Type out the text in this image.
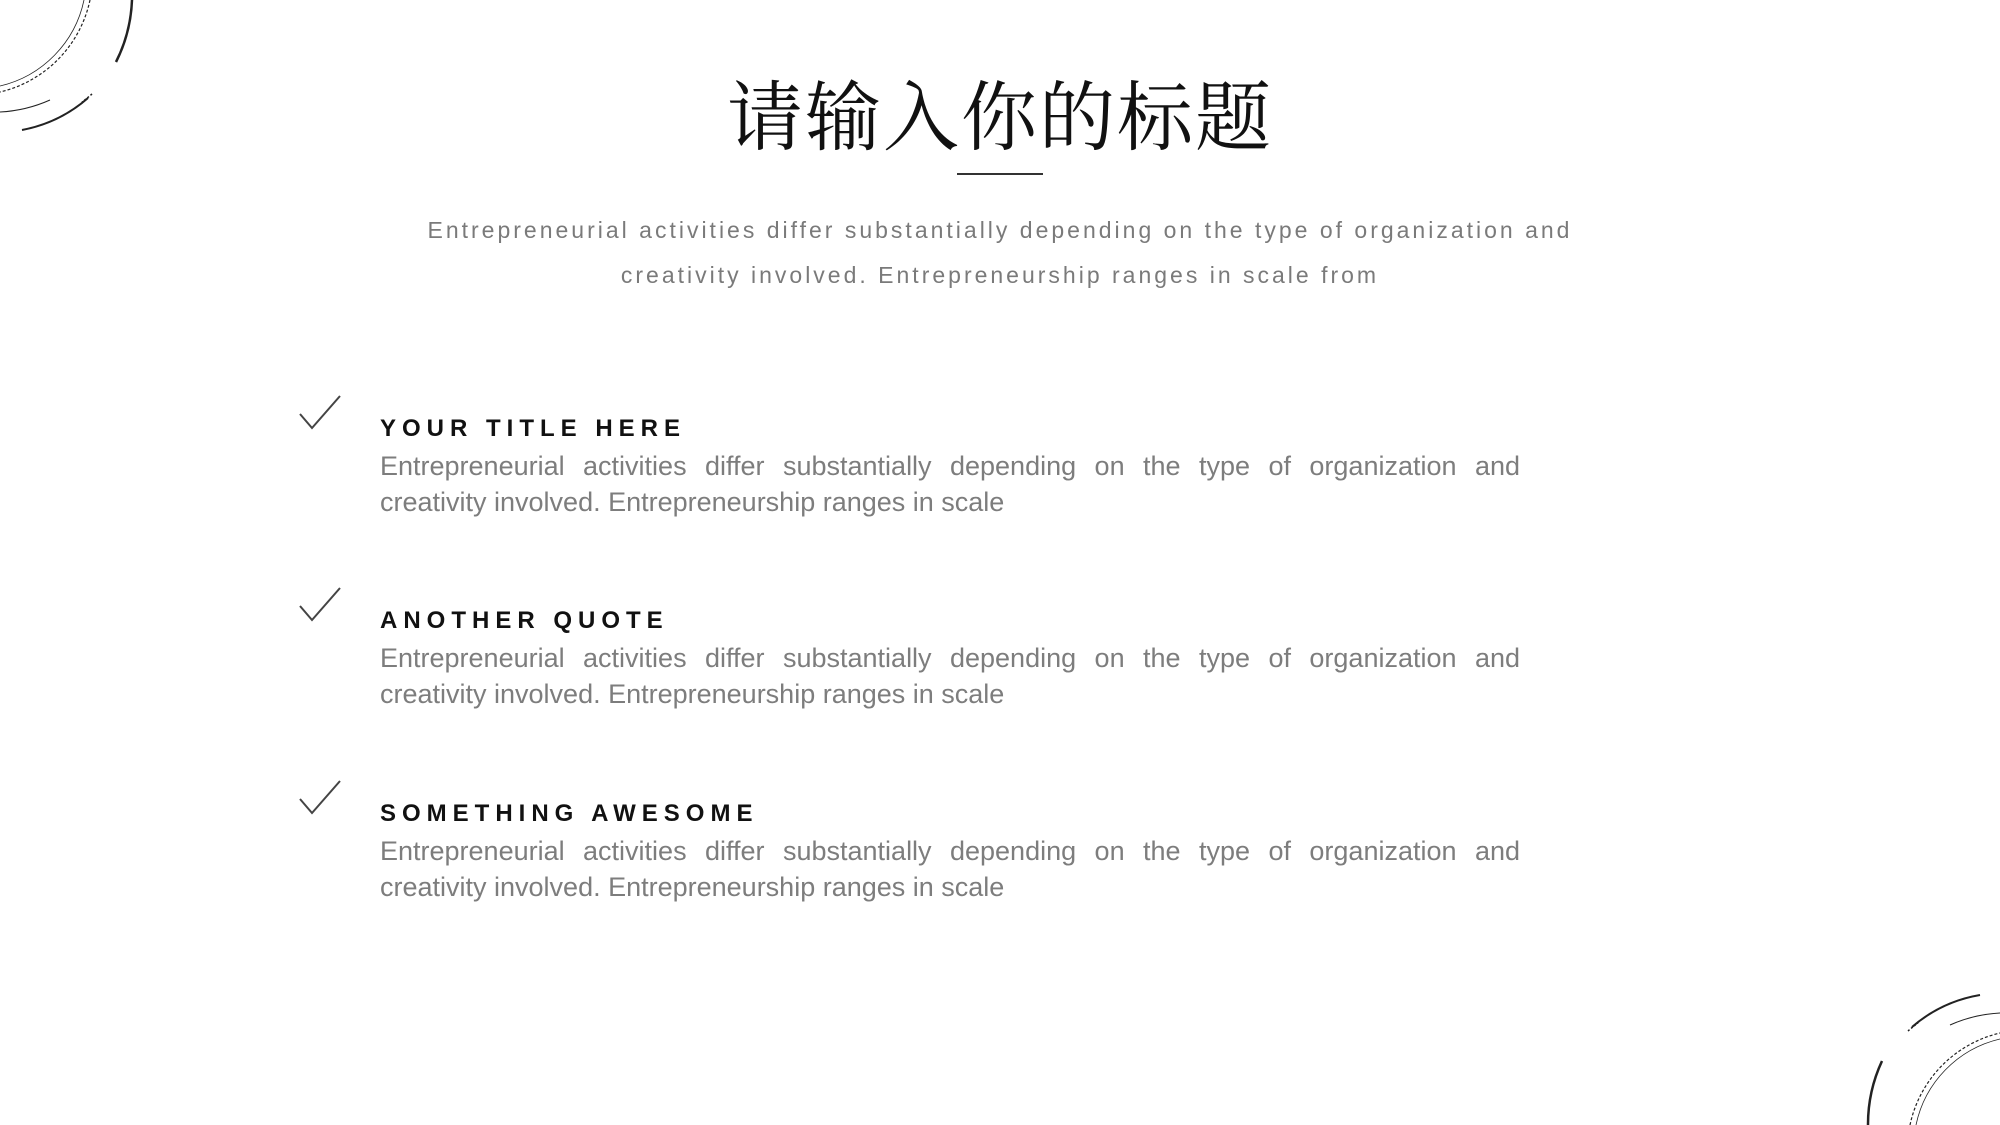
请输入你的标题
Entrepreneurial activities differ substantially depending on the type of organization and creativity involved. Entrepreneurship ranges in scale from
YOUR TITLE HERE
Entrepreneurial activities differ substantially depending on the type of organization and creativity involved. Entrepreneurship ranges in scale
ANOTHER QUOTE
Entrepreneurial activities differ substantially depending on the type of organization and creativity involved. Entrepreneurship ranges in scale
SOMETHING AWESOME
Entrepreneurial activities differ substantially depending on the type of organization and creativity involved. Entrepreneurship ranges in scale
